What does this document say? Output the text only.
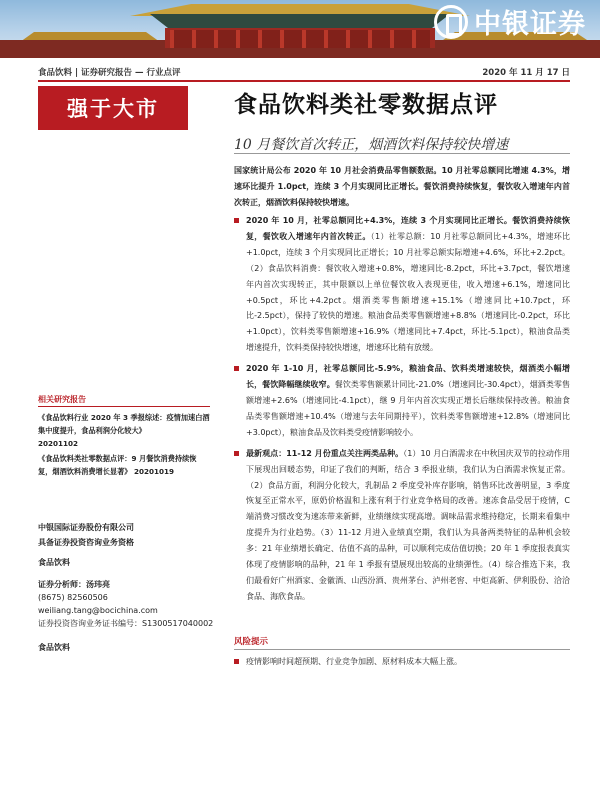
中银证券
食品饮料 | 证券研究报告 — 行业点评	2020 年 11 月 17 日
强于大市	食品饮料类社零数据点评
10 月餐饮首次转正，烟酒饮料保持较快增速
国家统计局公布 2020 年 10 月社会消费品零售额数据。10 月社零总额同比增速 4.3%，增速环比提升 1.0pct，连续 3 个月实现同比正增长。餐饮消费持续恢复，餐饮收入增速年内首次转正，烟酒饮料保持较快增速。
2020 年 10 月，社零总额同比+4.3%，连续 3 个月实现同比正增长。餐饮消费持续恢复，餐饮收入增速年内首次转正。（1）社零总额：10 月社零总额同比+4.3%，增速环比+1.0pct，连续 3 个月实现同比正增长；10 月社零总额实际增速+4.6%，环比+2.2pct。（2）食品饮料消费：餐饮收入增速+0.8%，增速同比-8.2pct，环比+3.7pct，餐饮增速年内首次实现转正，其中限额以上单位餐饮收入表现更佳，收入增速+6.1%，增速同比+0.5pct，环比+4.2pct。烟酒类零售额增速+15.1%（增速同比+10.7pct，环比-2.5pct），保持了较快的增速。粮油食品类零售额增速+8.8%（增速同比-0.2pct，环比+1.0pct），饮料类零售额增速+16.9%（增速同比+7.4pct，环比-5.1pct），粮油食品类增速提升，饮料类保持较快增速，增速环比稍有放缓。
2020 年 1-10 月，社零总额同比-5.9%，粮油食品、饮料类增速较快，烟酒类小幅增长，餐饮降幅继续收窄。餐饮类零售额累计同比-21.0%（增速同比-30.4pct），烟酒类零售额增速+2.6%（增速同比-4.1pct），继 9 月年内首次实现正增长后继续保持改善。粮油食品类零售额增速+10.4%（增速与去年同期持平），饮料类零售额增速+12.8%（增速同比+3.0pct），粮油食品及饮料类受疫情影响较小。
最新观点：11-12 月份重点关注两类品种。（1）10 月白酒需求在中秋国庆双节的拉动作用下展现出回暖态势，印证了我们的判断，结合 3 季报业绩，我们认为白酒需求恢复正常。（2）食品方面，利润分化较大，乳制品 2 季度受补库存影响，销售环比改善明显，3 季度恢复至正常水平，原奶价格温和上涨有利于行业竞争格局的改善。速冻食品受居于疫情，C 端消费习惯改变为速冻带来新鲜，业绩继续实现高增。调味品需求维持稳定，长期来看集中度提升为行业趋势。（3）11-12 月进入业绩真空期，我们认为具备两类特征的品种机会较多：21 年业绩增长确定、估值不高的品种，可以顺利完成估值切换；20 年 1 季度报表真实体现了疫情影响的品种，21 年 1 季报有望展现出较高的业绩弹性。（4）综合推选下来，我们最看好广州酒家、金徽酒、山西汾酒、贵州茅台、泸州老窖、中炬高新、伊利股份、洽洽食品、海欣食品。
风险提示
疫情影响时间超预期、行业竞争加剧、原材料成本大幅上涨。
相关研究报告
《食品饮料行业 2020 年 3 季报综述：疫情加速白酒集中度提升，食品利润分化较大》
20201102
《食品饮料类社零数据点评：9 月餐饮消费持续恢复，烟酒饮料消费增长显著》 20201019
中银国际证券股份有限公司
具备证券投资咨询业务资格
食品饮料
证券分析师：汤玮亮
(8675) 82560506
weiliang.tang@bocichina.com
证券投资咨询业务证书编号：S1300517040002
食品饮料
